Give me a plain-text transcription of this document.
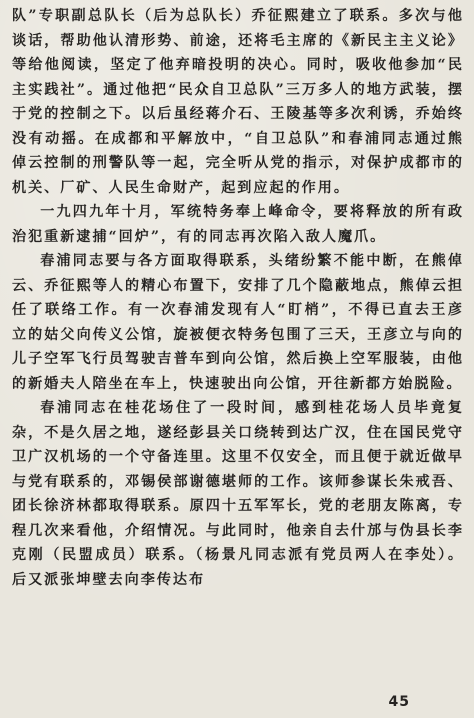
队”专职副总队长（后为总队长）乔征熙建立了联系。多次与他谈话，帮助他认清形势、前途，还将毛主席的《新民主主义论》等给他阅读，坚定了他弃暗投明的决心。同时，吸收他参加“民主实践社”。通过他把“民众自卫总队”三万多人的地方武装，摆于党的控制之下。以后虽经蒋介石、王陵基等多次利诱，乔始终没有动摇。在成都和平解放中，“自卫总队”和春浦同志通过熊倬云控制的刑警队等一起，完全听从党的指示，对保护成都市的机关、厂矿、人民生命财产，起到应起的作用。

一九四九年十月，军统特务奉上峰命令，要将释放的所有政治犯重新逮捕“回炉”，有的同志再次陷入敌人魔爪。

春浦同志要与各方面取得联系，头绪纷繁不能中断，在熊倬云、乔征熙等人的精心布置下，安排了几个隐蔽地点，熊倬云担任了联络工作。有一次春浦发现有人“盯梢”，不得已直去王彦立的姑父向传义公馆，旋被便衣特务包围了三天，王彦立与向的儿子空军飞行员驾驶吉普车到向公馆，然后换上空军服装，由他的新婚夫人陪坐在车上，快速驶出向公馆，开往新都方始脱险。

春浦同志在桂花场住了一段时间，感到桂花场人员毕竟复杂，不是久居之地，遂经彭县关口绕转到达广汉，住在国民党守卫广汉机场的一个守备连里。这里不仅安全，而且便于就近做早与党有联系的，邓锡侯部谢德堪师的工作。该师参谋长朱戒吾、团长徐济林都取得联系。原四十五军军长，党的老朋友陈离，专程几次来看他，介绍情况。与此同时，他亲自去什邡与伪县长李克刚（民盟成员）联系。（杨景凡同志派有党员两人在李处）。后又派张坤壁去向李传达布

45
